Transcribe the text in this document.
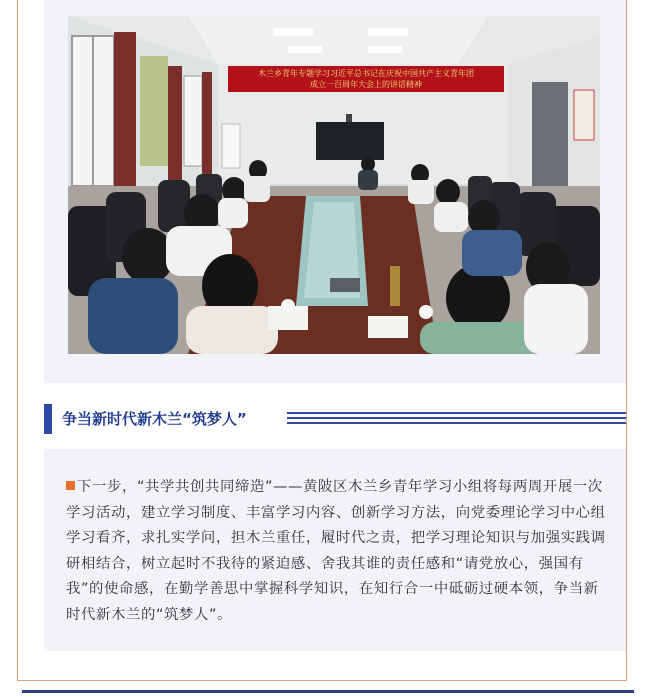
木兰乡青年专题学习习近平总书记在庆祝中国共产主义青年团
成立一百周年大会上的讲话精神
争当新时代新木兰“筑梦人”
下一步，“共学共创共同缔造”——黄陂区木兰乡青年学习小组将每两周开展一次学习活动，建立学习制度、丰富学习内容、创新学习方法，向党委理论学习中心组学习看齐，求扎实学问，担木兰重任，履时代之责，把学习理论知识与加强实践调研相结合，树立起时不我待的紧迫感、舍我其谁的责任感和“请党放心，强国有我”的使命感，在勤学善思中掌握科学知识，在知行合一中砥砺过硬本领，争当新时代新木兰的“筑梦人”。
